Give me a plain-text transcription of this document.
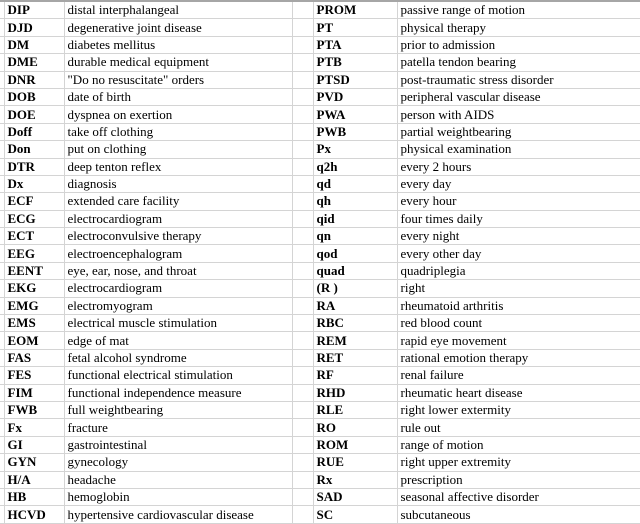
	DIP	distal interphalangeal		PROM	passive range of motion
	DJD	degenerative joint disease		PT	physical therapy
	DM	diabetes mellitus		PTA	prior to admission
	DME	durable medical equipment		PTB	patella tendon bearing
	DNR	"Do no resuscitate" orders		PTSD	post-traumatic stress disorder
	DOB	date of birth		PVD	peripheral vascular disease
	DOE	dyspnea on exertion		PWA	person with AIDS
	Doff	take off clothing		PWB	partial weightbearing
	Don	put on clothing		Px	physical examination
	DTR	deep tenton reflex		q2h	every 2 hours
	Dx	diagnosis		qd	every day
	ECF	extended care facility		qh	every hour
	ECG	electrocardiogram		qid	four times daily
	ECT	electroconvulsive therapy		qn	every night
	EEG	electroencephalogram		qod	every other day
	EENT	eye, ear, nose, and throat		quad	quadriplegia
	EKG	electrocardiogram		(R )	right
	EMG	electromyogram		RA	rheumatoid arthritis
	EMS	electrical muscle stimulation		RBC	red blood count
	EOM	edge of mat		REM	rapid eye movement
	FAS	fetal alcohol syndrome		RET	rational emotion therapy
	FES	functional electrical stimulation		RF	renal failure
	FIM	functional independence measure		RHD	rheumatic heart disease
	FWB	full weightbearing		RLE	right lower extermity
	Fx	fracture		RO	rule out
	GI	gastrointestinal		ROM	range of motion
	GYN	gynecology		RUE	right upper extremity
	H/A	headache		Rx	prescription
	HB	hemoglobin		SAD	seasonal affective disorder
	HCVD	hypertensive cardiovascular disease		SC	subcutaneous
